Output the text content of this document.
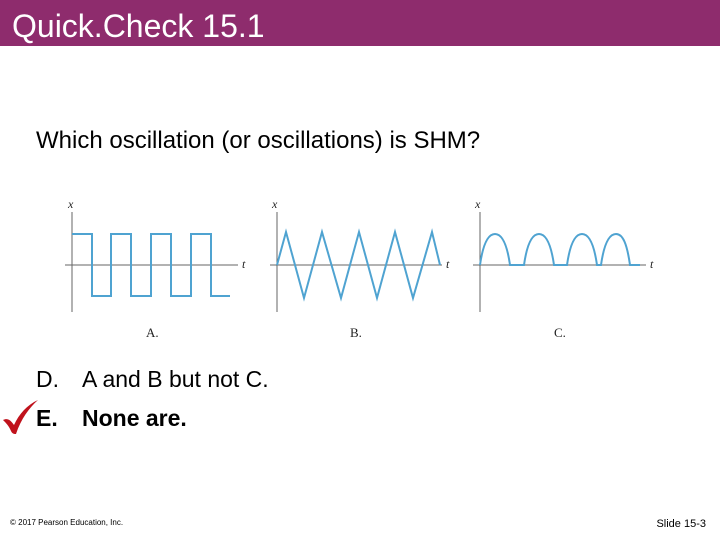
Quick.Check 15.1
Which oscillation (or oscillations) is SHM?
x
t
A.
x
t
B.
x
t
C.
D. A and B but not C.
E. None are.
© 2017 Pearson Education, Inc.	Slide 15-3
